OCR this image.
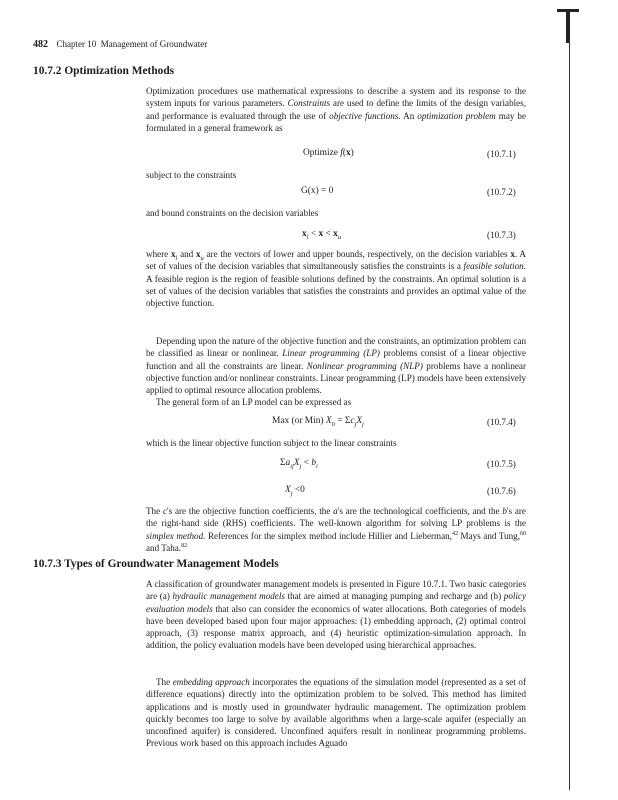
482 Chapter 10  Management of Groundwater
10.7.2 Optimization Methods

Optimization procedures use mathematical expressions to describe a system and its response to the system inputs for various parameters. Constraints are used to define the limits of the design variables, and performance is evaluated through the use of objective functions. An optimization problem may be formulated in a general framework as

Optimize f(x)	(10.7.1)
subject to the constraints
G(x) = 0	(10.7.2)
and bound constraints on the decision variables
$x_l < x < x_u$	(10.7.3)

where $x_l$ and $x_u$ are the vectors of lower and upper bounds, respectively, on the decision variables x. A set of values of the decision variables that simultaneously satisfies the constraints is a feasible solution. A feasible region is the region of feasible solutions defined by the constraints. An optimal solution is a set of values of the decision variables that satisfies the constraints and provides an optimal value of the objective function.

Depending upon the nature of the objective function and the constraints, an optimization problem can be classified as linear or nonlinear. Linear programming (LP) problems consist of a linear objective function and all the constraints are linear. Nonlinear programming (NLP) problems have a nonlinear objective function and/or nonlinear constraints. Linear programming (LP) models have been extensively applied to optimal resource allocation problems.

The general form of an LP model can be expressed as

Max (or Min) $X_0 = \Sigma c_jX_j$	(10.7.4)
which is the linear objective function subject to the linear constraints
$\Sigma a_{ij}X_j < b_i$	(10.7.5)
$X_j <0$	(10.7.6)

The c's are the objective function coefficients, the a's are the technological coefficients, and the b's are the right-hand side (RHS) coefficients. The well-known algorithm for solving LP problems is the simplex method. References for the simplex method include Hillier and Lieberman,$^{42}$ Mays and Tung,$^{60}$ and Taha.$^{82}$

10.7.3 Types of Groundwater Management Models

A classification of groundwater management models is presented in Figure 10.7.1. Two basic categories are (a) hydraulic management models that are aimed at managing pumping and recharge and (b) policy evaluation models that also can consider the economics of water allocations. Both categories of models have been developed based upon four major approaches: (1) embedding approach, (2) optimal control approach, (3) response matrix approach, and (4) heuristic optimization-simulation approach. In addition, the policy evaluation models have been developed using hierarchical approaches.

The embedding approach incorporates the equations of the simulation model (represented as a set of difference equations) directly into the optimization problem to be solved. This method has limited applications and is mostly used in groundwater hydraulic management. The optimization problem quickly becomes too large to solve by available algorithms when a large-scale aquifer (especially an unconfined aquifer) is considered. Unconfined aquifers result in nonlinear programming problems. Previous work based on this approach includes Aguado
